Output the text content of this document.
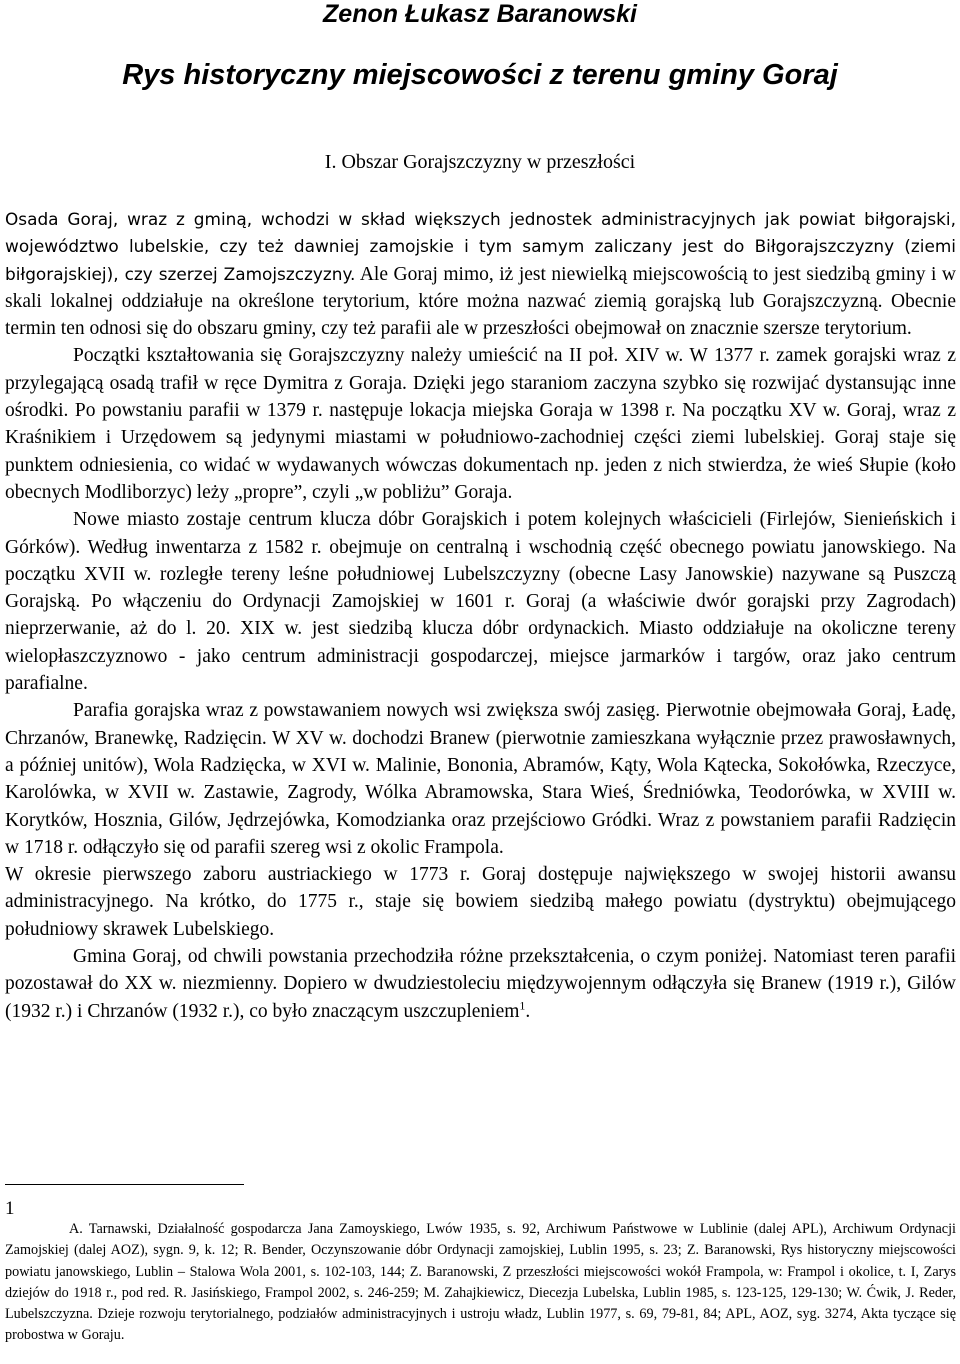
Zenon Łukasz Baranowski
Rys historyczny miejscowości z terenu gminy Goraj
I. Obszar Gorajszczyzny w przeszłości
Osada Goraj, wraz z gminą, wchodzi w skład większych jednostek administracyjnych jak powiat biłgorajski, województwo lubelskie, czy też dawniej zamojskie i tym samym zaliczany jest do Biłgorajszczyzny (ziemi biłgorajskiej), czy szerzej Zamojszczyzny. Ale Goraj mimo, iż jest niewielką miejscowością to jest siedzibą gminy i w skali lokalnej oddziałuje na określone terytorium, które można nazwać ziemią gorajską lub Gorajszczyzną. Obecnie termin ten odnosi się do obszaru gminy, czy też parafii ale w przeszłości obejmował on znacznie szersze terytorium.
Początki kształtowania się Gorajszczyzny należy umieścić na II poł. XIV w. W 1377 r. zamek gorajski wraz z przylegającą osadą trafił w ręce Dymitra z Goraja. Dzięki jego staraniom zaczyna szybko się rozwijać dystansując inne ośrodki. Po powstaniu parafii w 1379 r. następuje lokacja miejska Goraja w 1398 r. Na początku XV w. Goraj, wraz z Kraśnikiem i Urzędowem są jedynymi miastami w południowo-zachodniej części ziemi lubelskiej. Goraj staje się punktem odniesienia, co widać w wydawanych wówczas dokumentach np. jeden z nich stwierdza, że wieś Słupie (koło obecnych Modliborzyc) leży „propre”, czyli „w pobliżu” Goraja.
Nowe miasto zostaje centrum klucza dóbr Gorajskich i potem kolejnych właścicieli (Firlejów, Sienieńskich i Górków). Według inwentarza z 1582 r. obejmuje on centralną i wschodnią część obecnego powiatu janowskiego. Na początku XVII w. rozległe tereny leśne południowej Lubelszczyzny (obecne Lasy Janowskie) nazywane są Puszczą Gorajską. Po włączeniu do Ordynacji Zamojskiej w 1601 r. Goraj (a właściwie dwór gorajski przy Zagrodach) nieprzerwanie, aż do l. 20. XIX w. jest siedzibą klucza dóbr ordynackich. Miasto oddziałuje na okoliczne tereny wielopłaszczyznowo - jako centrum administracji gospodarczej, miejsce jarmarków i targów, oraz jako centrum parafialne.
Parafia gorajska wraz z powstawaniem nowych wsi zwiększa swój zasięg. Pierwotnie obejmowała Goraj, Ładę, Chrzanów, Branewkę, Radzięcin. W XV w. dochodzi Branew (pierwotnie zamieszkana wyłącznie przez prawosławnych, a później unitów), Wola Radzięcka, w XVI w. Malinie, Bononia, Abramów, Kąty, Wola Kątecka, Sokołówka, Rzeczyce, Karolówka, w XVII w. Zastawie, Zagrody, Wólka Abramowska, Stara Wieś, Średniówka, Teodorówka, w XVIII w. Korytków, Hosznia, Gilów, Jędrzejówka, Komodzianka oraz przejściowo Gródki. Wraz z powstaniem parafii Radzięcin w 1718 r. odłączyło się od parafii szereg wsi z okolic Frampola.
W okresie pierwszego zaboru austriackiego w 1773 r. Goraj dostępuje największego w swojej historii awansu administracyjnego. Na krótko, do 1775 r., staje się bowiem siedzibą małego powiatu (dystryktu) obejmującego południowy skrawek Lubelskiego.
Gmina Goraj, od chwili powstania przechodziła różne przekształcenia, o czym poniżej. Natomiast teren parafii pozostawał do XX w. niezmienny. Dopiero w dwudziestoleciu międzywojennym odłączyła się Branew (1919 r.), Gilów (1932 r.) i Chrzanów (1932 r.), co było znaczącym uszczupleniem$^1$.
1
A. Tarnawski, Działalność gospodarcza Jana Zamoyskiego, Lwów 1935, s. 92, Archiwum Państwowe w Lublinie (dalej APL), Archiwum Ordynacji Zamojskiej (dalej AOZ), sygn. 9, k. 12; R. Bender, Oczynszowanie dóbr Ordynacji zamojskiej, Lublin 1995, s. 23; Z. Baranowski, Rys historyczny miejscowości powiatu janowskiego, Lublin – Stalowa Wola 2001, s. 102-103, 144; Z. Baranowski, Z przeszłości miejscowości wokół Frampola, w: Frampol i okolice, t. I, Zarys dziejów do 1918 r., pod red. R. Jasińskiego, Frampol 2002, s. 246-259; M. Zahajkiewicz, Diecezja Lubelska, Lublin 1985, s. 123-125, 129-130; W. Ćwik, J. Reder, Lubelszczyzna. Dzieje rozwoju terytorialnego, podziałów administracyjnych i ustroju władz, Lublin 1977, s. 69, 79-81, 84; APL, AOZ, syg. 3274, Akta tyczące się probostwa w Goraju.
